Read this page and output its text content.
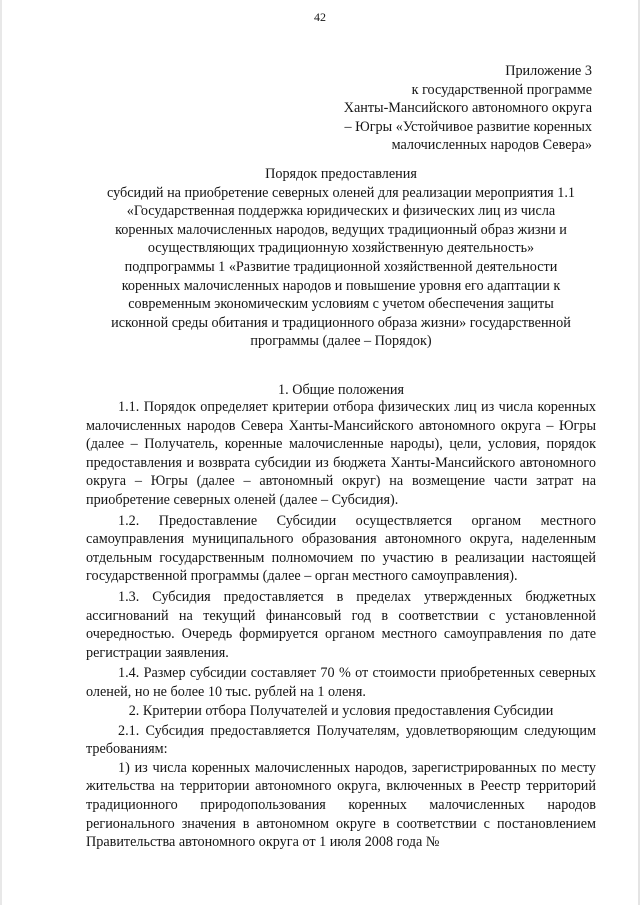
42
Приложение 3
к государственной программе
Ханты-Мансийского автономного округа
– Югры «Устойчивое развитие коренных
малочисленных народов Севера»
Порядок предоставления
субсидий на приобретение северных оленей для реализации мероприятия 1.1
«Государственная поддержка юридических и физических лиц из числа
коренных малочисленных народов, ведущих традиционный образ жизни и
осуществляющих традиционную хозяйственную деятельность»
подпрограммы 1 «Развитие традиционной хозяйственной деятельности
коренных малочисленных народов и повышение уровня его адаптации к
современным экономическим условиям с учетом обеспечения защиты
исконной среды обитания и традиционного образа жизни» государственной
программы (далее – Порядок)
1. Общие положения

1.1. Порядок определяет критерии отбора физических лиц из числа коренных малочисленных народов Севера Ханты-Мансийского автономного округа – Югры (далее – Получатель, коренные малочисленные народы), цели, условия, порядок предоставления и возврата субсидии из бюджета Ханты-Мансийского автономного округа – Югры (далее – автономный округ) на возмещение части затрат на приобретение северных оленей (далее – Субсидия).

1.2. Предоставление Субсидии осуществляется органом местного самоуправления муниципального образования автономного округа, наделенным отдельным государственным полномочием по участию в реализации настоящей государственной программы (далее – орган местного самоуправления).

1.3. Субсидия предоставляется в пределах утвержденных бюджетных ассигнований на текущий финансовый год в соответствии с установленной очередностью. Очередь формируется органом местного самоуправления по дате регистрации заявления.

1.4. Размер субсидии составляет 70 % от стоимости приобретенных северных оленей, но не более 10 тыс. рублей на 1 оленя.

2. Критерии отбора Получателей и условия предоставления Субсидии

2.1. Субсидия предоставляется Получателям, удовлетворяющим следующим требованиям:

1) из числа коренных малочисленных народов, зарегистрированных по месту жительства на территории автономного округа, включенных в Реестр территорий традиционного природопользования коренных малочисленных народов регионального значения в автономном округе в соответствии с постановлением Правительства автономного округа от 1 июля 2008 года №
